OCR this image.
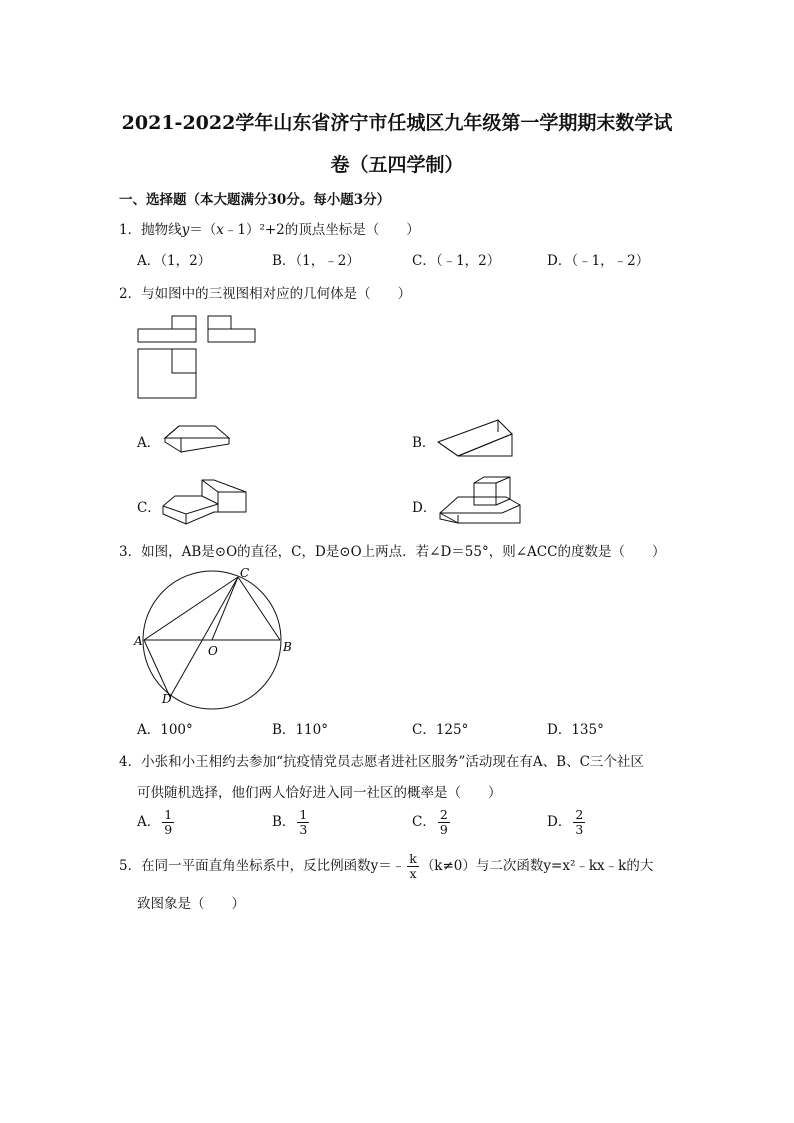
2021-2022学年山东省济宁市任城区九年级第一学期期末数学试
卷（五四学制）
一、选择题（本大题满分30分。每小题3分）
1．抛物线y＝（x﹣1）²+2的顶点坐标是（　　）
A．（1，2）	B．（1，﹣2）	C．（﹣1，2）	D．（﹣1，﹣2）
2．与如图中的三视图相对应的几何体是（　　）
A．	B．
C．	D．
3．如图，AB是⊙O的直径，C，D是⊙O上两点．若∠D＝55°，则∠ACC的度数是（　　）
C
A	B
O
D
A．100°	B．110°	C．125°	D．135°
4．小张和小王相约去参加“抗疫情党员志愿者进社区服务”活动现在有A、B、C三个社区
可供随机选择，他们两人恰好进入同一社区的概率是（　　）
A． $\frac{1}{9}$	B． $\frac{1}{3}$	C． $\frac{2}{9}$	D． $\frac{2}{3}$
5．在同一平面直角坐标系中，反比例函数y＝﹣ $\frac{k}{x} (k\ne 0)$与二次函数y=x²﹣kx﹣k的大
致图象是（　　）
